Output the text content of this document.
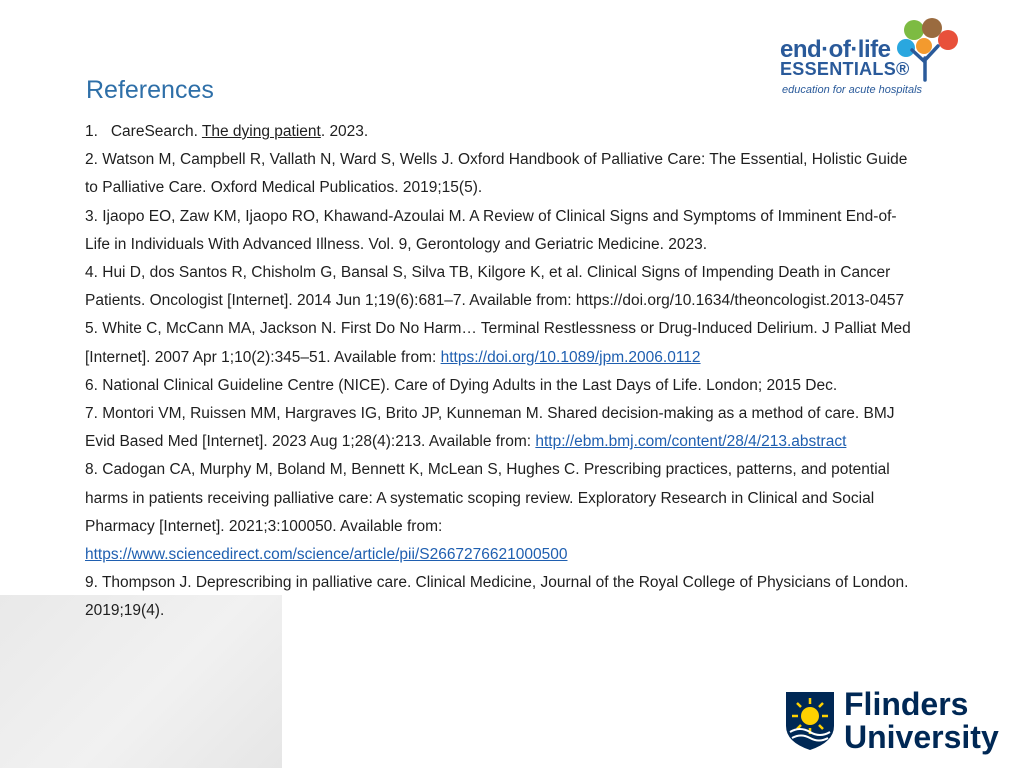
end·of·life
ESSENTIALS®
education for acute hospitals
References

1.   CareSearch. The dying patient. 2023.

2. Watson M, Campbell R, Vallath N, Ward S, Wells J. Oxford Handbook of Palliative Care: The Essential, Holistic Guide to Palliative Care. Oxford Medical Publicatios. 2019;15(5).

3. Ijaopo EO, Zaw KM, Ijaopo RO, Khawand-Azoulai M. A Review of Clinical Signs and Symptoms of Imminent End-of-Life in Individuals With Advanced Illness. Vol. 9, Gerontology and Geriatric Medicine. 2023.

4. Hui D, dos Santos R, Chisholm G, Bansal S, Silva TB, Kilgore K, et al. Clinical Signs of Impending Death in Cancer Patients. Oncologist [Internet]. 2014 Jun 1;19(6):681–7. Available from: https://doi.org/10.1634/theoncologist.2013-0457

5. White C, McCann MA, Jackson N. First Do No Harm… Terminal Restlessness or Drug-Induced Delirium. J Palliat Med [Internet]. 2007 Apr 1;10(2):345–51. Available from: https://doi.org/10.1089/jpm.2006.0112

6. National Clinical Guideline Centre (NICE). Care of Dying Adults in the Last Days of Life. London; 2015 Dec.

7. Montori VM, Ruissen MM, Hargraves IG, Brito JP, Kunneman M. Shared decision-making as a method of care. BMJ Evid Based Med [Internet]. 2023 Aug 1;28(4):213. Available from: http://ebm.bmj.com/content/28/4/213.abstract

8. Cadogan CA, Murphy M, Boland M, Bennett K, McLean S, Hughes C. Prescribing practices, patterns, and potential harms in patients receiving palliative care: A systematic scoping review. Exploratory Research in Clinical and Social Pharmacy [Internet]. 2021;3:100050. Available from: https://www.sciencedirect.com/science/article/pii/S2667276621000500

9. Thompson J. Deprescribing in palliative care. Clinical Medicine, Journal of the Royal College of Physicians of London. 2019;19(4).

Flinders
University
